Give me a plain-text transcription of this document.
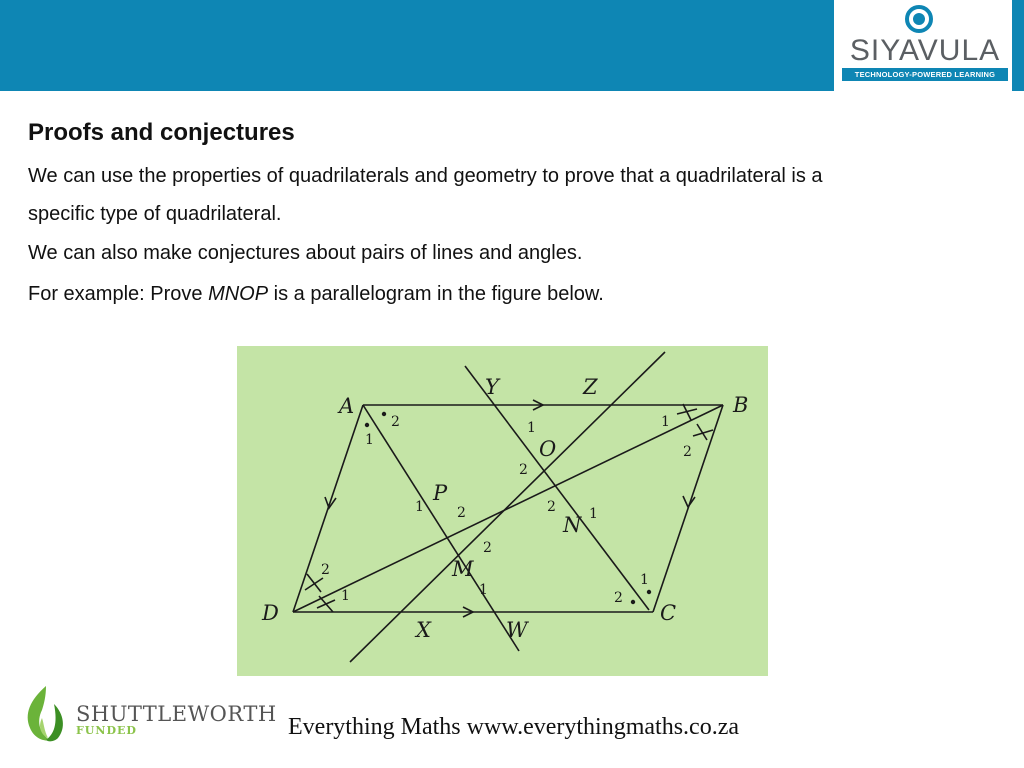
SIYAVULA
TECHNOLOGY-POWERED LEARNING
Proofs and conjectures
We can use the properties of quadrilaterals and geometry to prove that a quadrilateral is a
specific type of quadrilateral.
We can also make conjectures about pairs of lines and angles.
For example: Prove MNOP is a parallelogram in the figure below.
A	B
C
D
Y	Z
O
P
N
M
X	W
2
1
1
2
1
2
2
1
1
2
1 2	1
2
2
1
SHUTTLEWORTH
FUNDED	Everything Maths www.everythingmaths.co.za
